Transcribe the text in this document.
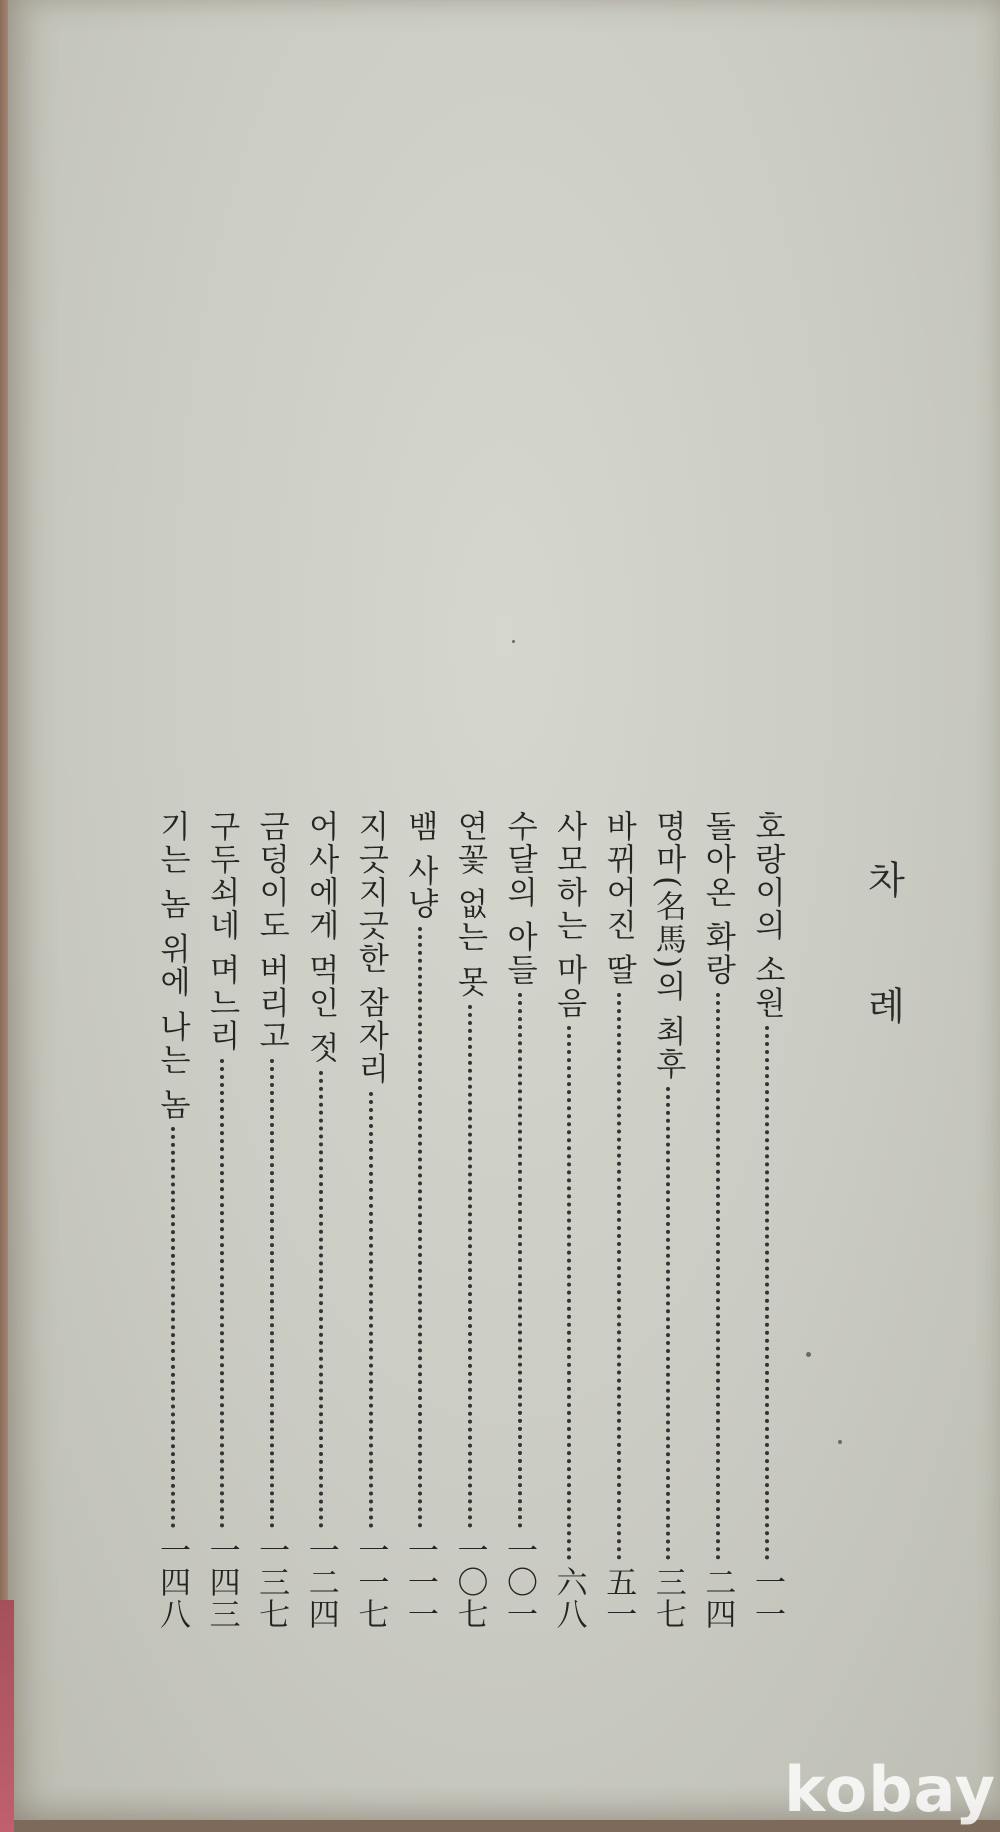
차 례
호랑이의 소원
一一
돌아온 화랑
二四
명마(名馬)의 최후
三七
바뀌어진 딸
五一
사모하는 마음
六八
수달의 아들
一〇一
연꽃 없는 못
一〇七
뱀 사냥
一一一
지긋지긋한 잠자리
一一七
어사에게 먹인 젓
一二四
금덩이도 버리고
一三七
구두쇠네 며느리
一四三
기는 놈 위에 나는 놈
一四八
kobay
